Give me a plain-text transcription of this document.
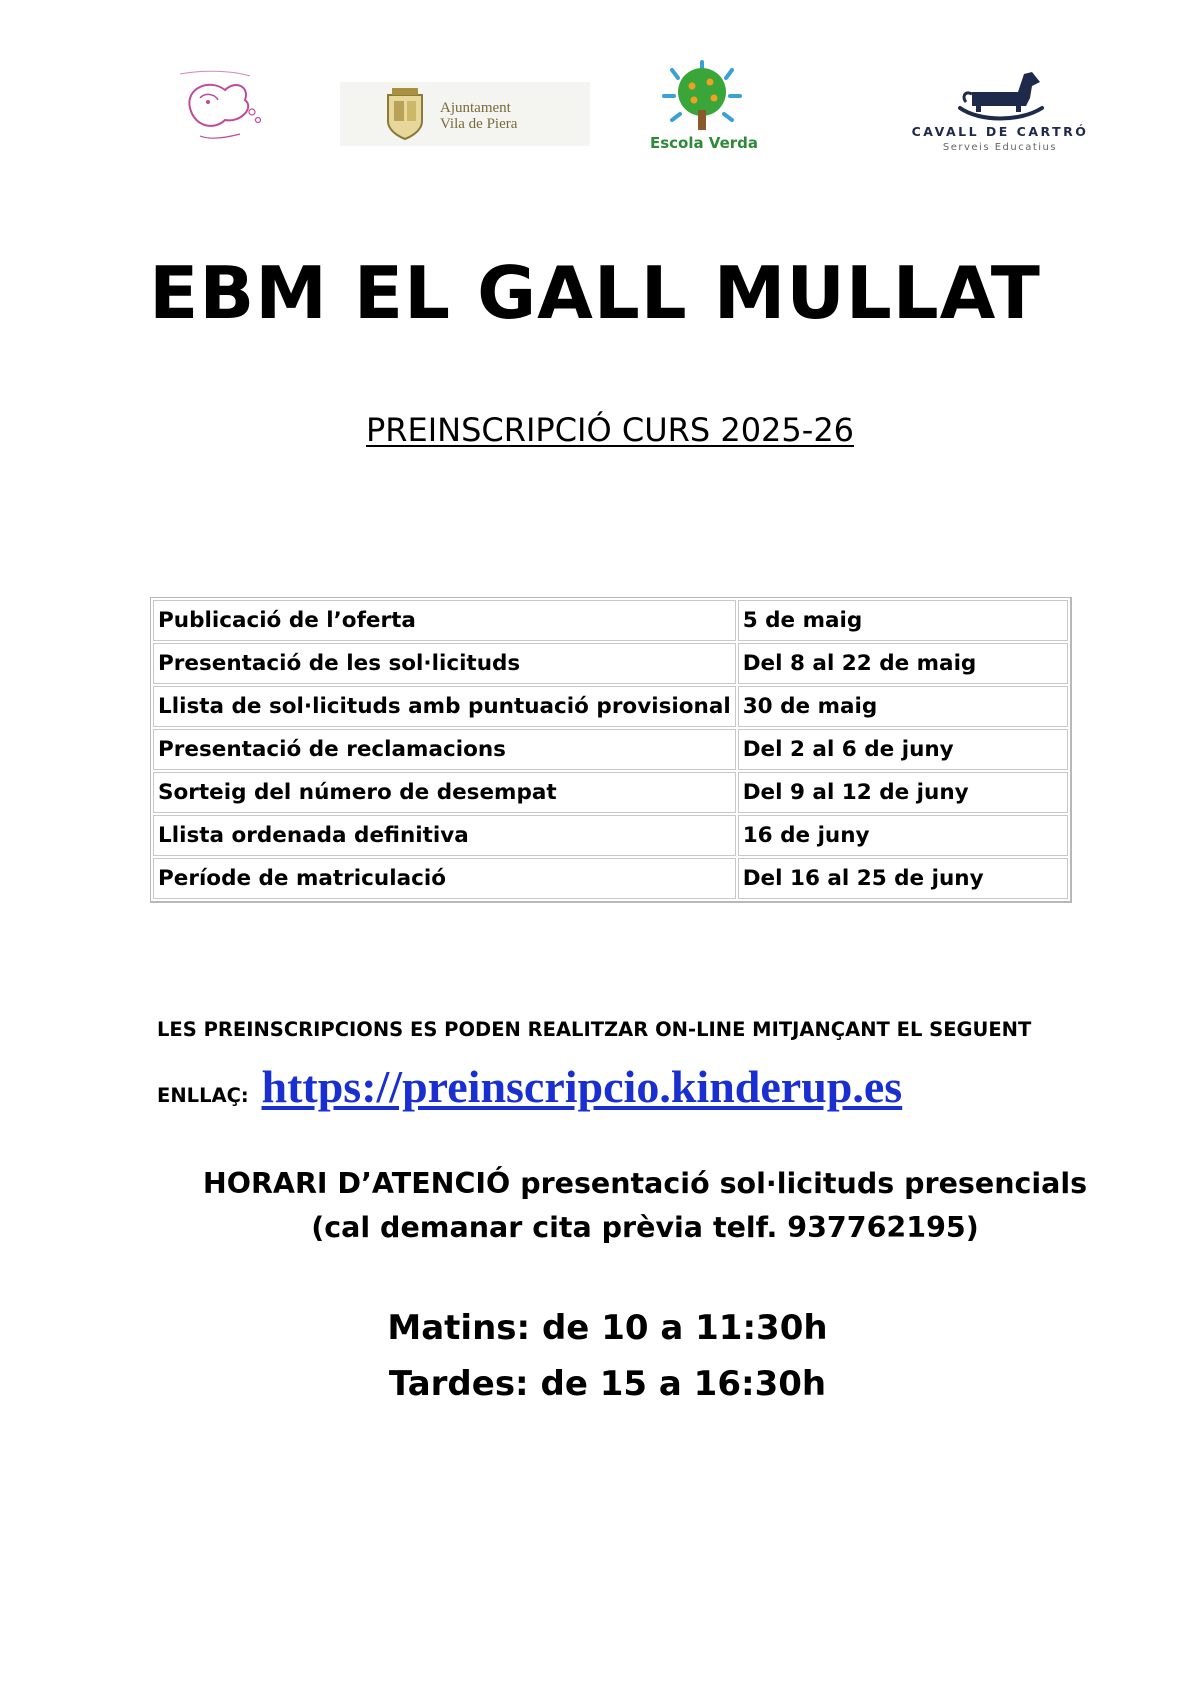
Ajuntament
Vila de Piera
Escola Verda
CAVALL DE CARTRÓ
Serveis Educatius
EBM EL GALL MULLAT
PREINSCRIPCIÓ CURS 2025-26
Publicació de l’oferta	5 de maig
Presentació de les sol·licituds	Del 8 al 22 de maig
Llista de sol·licituds amb puntuació provisional	30 de maig
Presentació de reclamacions	Del 2 al 6 de juny
Sorteig del número de desempat	Del 9 al 12 de juny
Llista ordenada definitiva	16 de juny
Període de matriculació	Del 16 al 25 de juny
LES PREINSCRIPCIONS ES PODEN REALITZAR ON-LINE MITJANÇANT EL SEGUENT
ENLLAÇ: https://preinscripcio.kinderup.es
HORARI D’ATENCIÓ presentació sol·licituds presencials
(cal demanar cita prèvia telf. 937762195)
Matins: de 10 a 11:30h
Tardes: de 15 a 16:30h
